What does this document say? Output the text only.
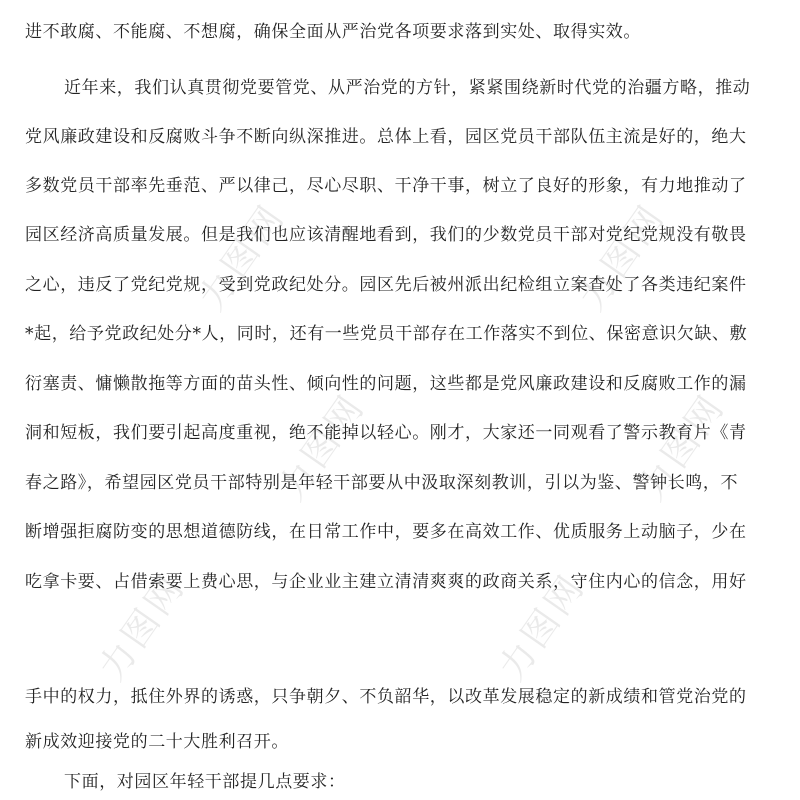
力图网	力图网
力图网	力图网
力图网	力图网
进不敢腐、不能腐、不想腐，确保全面从严治党各项要求落到实处、取得实效。
近年来，我们认真贯彻党要管党、从严治党的方针，紧紧围绕新时代党的治疆方略，推动
党风廉政建设和反腐败斗争不断向纵深推进。总体上看，园区党员干部队伍主流是好的，绝大
多数党员干部率先垂范、严以律己，尽心尽职、干净干事，树立了良好的形象，有力地推动了
园区经济高质量发展。但是我们也应该清醒地看到，我们的少数党员干部对党纪党规没有敬畏
之心，违反了党纪党规，受到党政纪处分。园区先后被州派出纪检组立案查处了各类违纪案件
*起，给予党政纪处分*人，同时，还有一些党员干部存在工作落实不到位、保密意识欠缺、敷
衍塞责、慵懒散拖等方面的苗头性、倾向性的问题，这些都是党风廉政建设和反腐败工作的漏
洞和短板，我们要引起高度重视，绝不能掉以轻心。刚才，大家还一同观看了警示教育片《青
春之路》，希望园区党员干部特别是年轻干部要从中汲取深刻教训，引以为鉴、警钟长鸣，不
断增强拒腐防变的思想道德防线，在日常工作中，要多在高效工作、优质服务上动脑子，少在
吃拿卡要、占借索要上费心思，与企业业主建立清清爽爽的政商关系，守住内心的信念，用好
手中的权力，抵住外界的诱惑，只争朝夕、不负韶华，以改革发展稳定的新成绩和管党治党的
新成效迎接党的二十大胜利召开。
下面，对园区年轻干部提几点要求：
